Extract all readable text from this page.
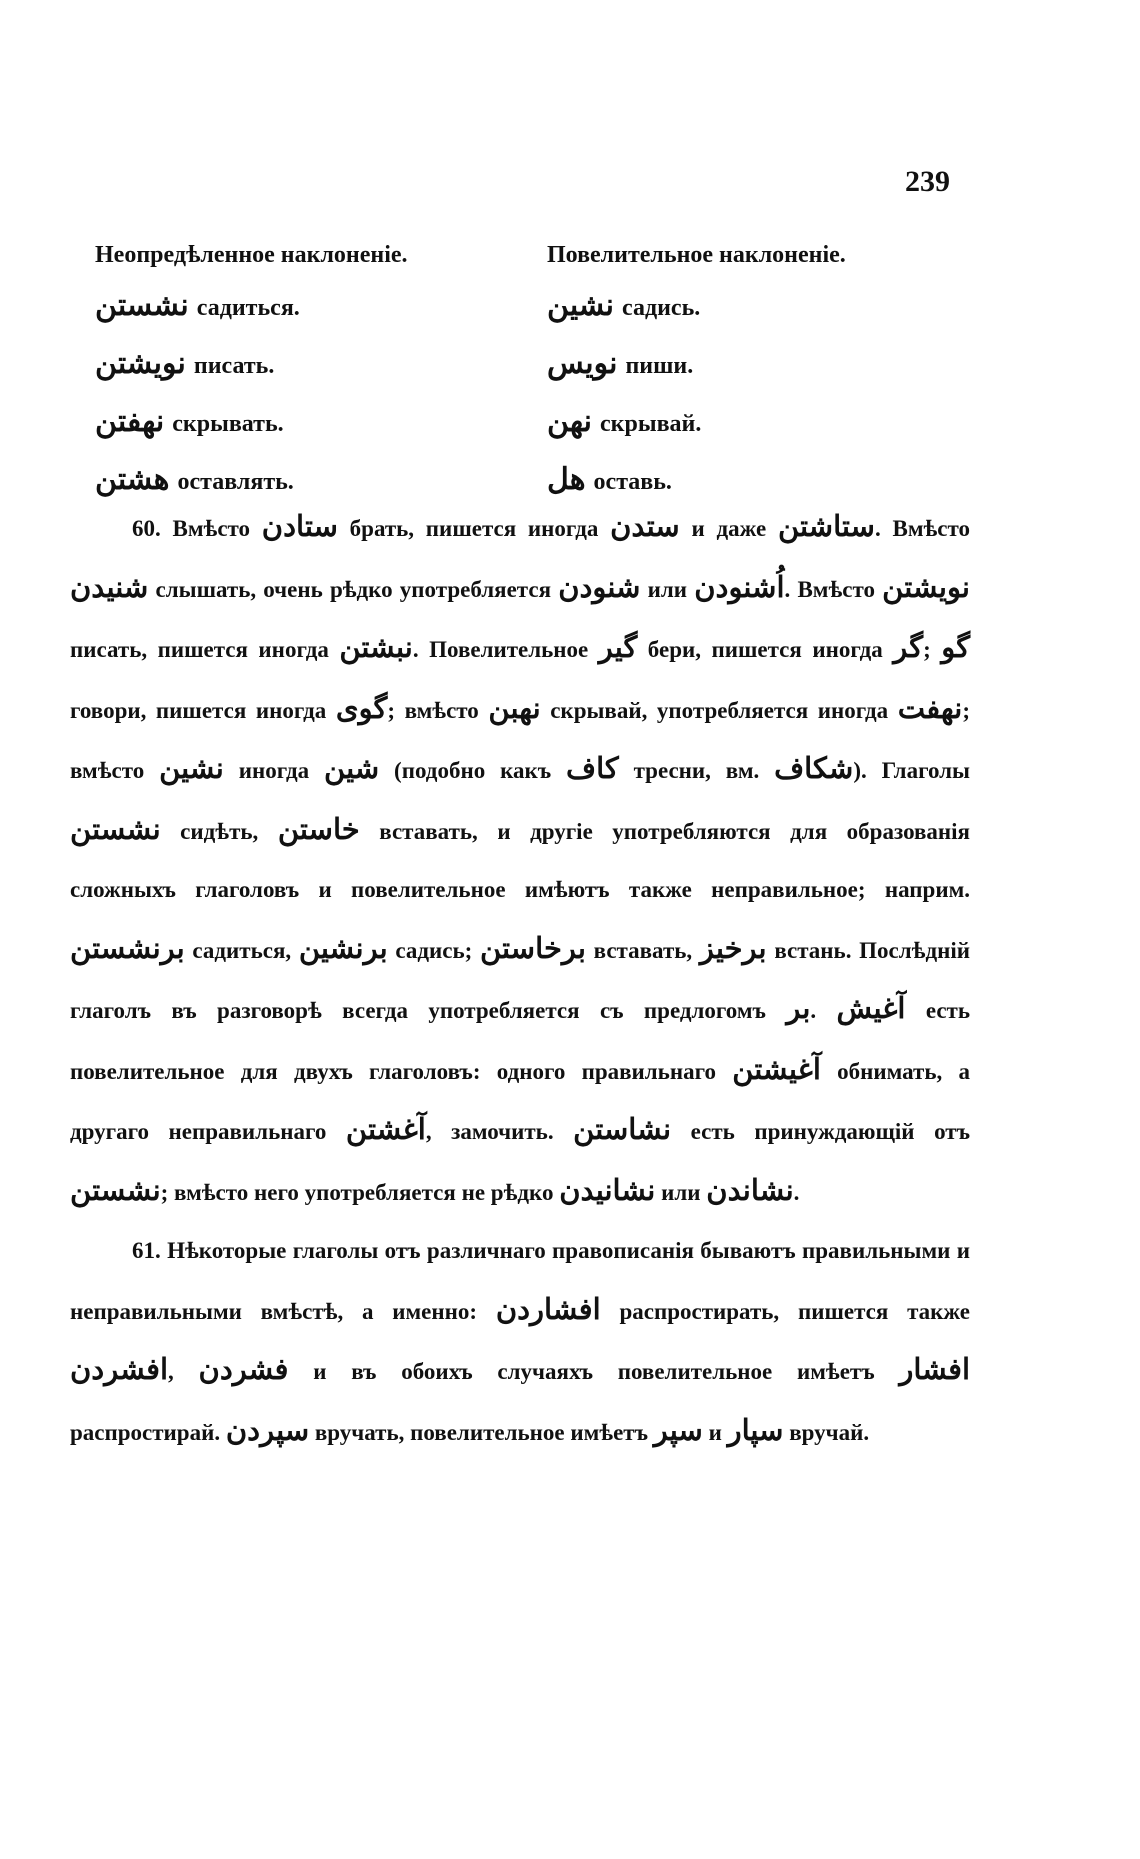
239
Неопредѣленное наклоненіе.	Повелительное наклоненіе.
نشستن садиться.	نشین садись.
نویشتن писать.	نویس пиши.
نهفتن скрывать.	نهن скрывай.
هشتن оставлять.	هل оставь.

60. Вмѣсто ستادن брать, пишется иногда ستدن и даже ستاشتن. Вмѣсто شنیدن слышать, очень рѣдко употребляется شنودن или اُشنودن. Вмѣсто نویشتن писать, пишется иногда نبشتن. Повелительное گیر бери, пишется иногда گر; گو говори, пишется иногда گوی; вмѣсто نهبن скрывай, употребляется иногда نهفت; вмѣсто نشین иногда شین (подобно какъ کاف тресни, вм. شکاف). Глаголы نشستن сидѣть, خاستن вставать, и другіе употребляются для образованія сложныхъ глаголовъ и повелительное имѣютъ также неправильное; наприм. برنشستن садиться, برنشین садись; برخاستن вставать, برخیز встань. Послѣдній глаголъ въ разговорѣ всегда употребляется съ предлогомъ بر. آغیش есть повелительное для двухъ глаголовъ: одного правильнаго آغیشتن обнимать, а другаго неправильнаго آغشتن, замочить. نشاستن есть принуждающій отъ نشستن; вмѣсто него употребляется не рѣдко نشانیدن или نشاندن.

61. Нѣкоторые глаголы отъ различнаго правописанія бываютъ правильными и неправильными вмѣстѣ, а именно: افشاردن распростирать, пишется также افشردن, فشردن и въ обоихъ случаяхъ повелительное имѣетъ افشار распростирай. سپردن вручать, повелительное имѣетъ سپر и سپار вручай.
